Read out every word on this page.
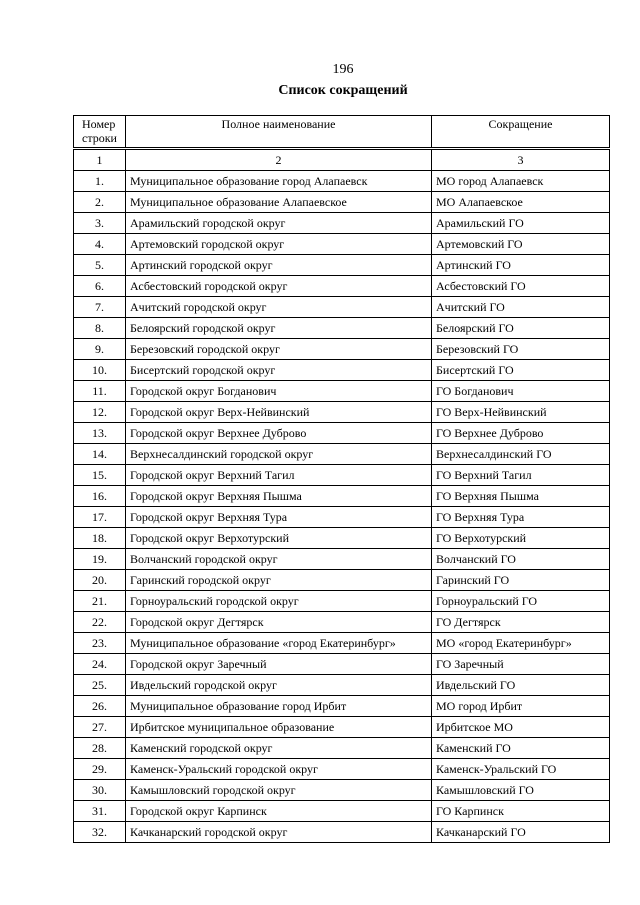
196
Список сокращений
Номер строки	Полное наименование	Сокращение
1	2	3
1.	Муниципальное образование город Алапаевск	МО город Алапаевск
2.	Муниципальное образование Алапаевское	МО Алапаевское
3.	Арамильский городской округ	Арамильский ГО
4.	Артемовский городской округ	Артемовский ГО
5.	Артинский городской округ	Артинский ГО
6.	Асбестовский городской округ	Асбестовский ГО
7.	Ачитский городской округ	Ачитский ГО
8.	Белоярский городской округ	Белоярский ГО
9.	Березовский городской округ	Березовский ГО
10.	Бисертский городской округ	Бисертский ГО
11.	Городской округ Богданович	ГО Богданович
12.	Городской округ Верх-Нейвинский	ГО Верх-Нейвинский
13.	Городской округ Верхнее Дуброво	ГО Верхнее Дуброво
14.	Верхнесалдинский городской округ	Верхнесалдинский ГО
15.	Городской округ Верхний Тагил	ГО Верхний Тагил
16.	Городской округ Верхняя Пышма	ГО Верхняя Пышма
17.	Городской округ Верхняя Тура	ГО Верхняя Тура
18.	Городской округ Верхотурский	ГО Верхотурский
19.	Волчанский городской округ	Волчанский ГО
20.	Гаринский городской округ	Гаринский ГО
21.	Горноуральский городской округ	Горноуральский ГО
22.	Городской округ Дегтярск	ГО Дегтярск
23.	Муниципальное образование «город Екатеринбург»	МО «город Екатеринбург»
24.	Городской округ Заречный	ГО Заречный
25.	Ивдельский городской округ	Ивдельский ГО
26.	Муниципальное образование город Ирбит	МО город Ирбит
27.	Ирбитское муниципальное образование	Ирбитское МО
28.	Каменский городской округ	Каменский ГО
29.	Каменск-Уральский городской округ	Каменск-Уральский ГО
30.	Камышловский городской округ	Камышловский ГО
31.	Городской округ Карпинск	ГО Карпинск
32.	Качканарский городской округ	Качканарский ГО
